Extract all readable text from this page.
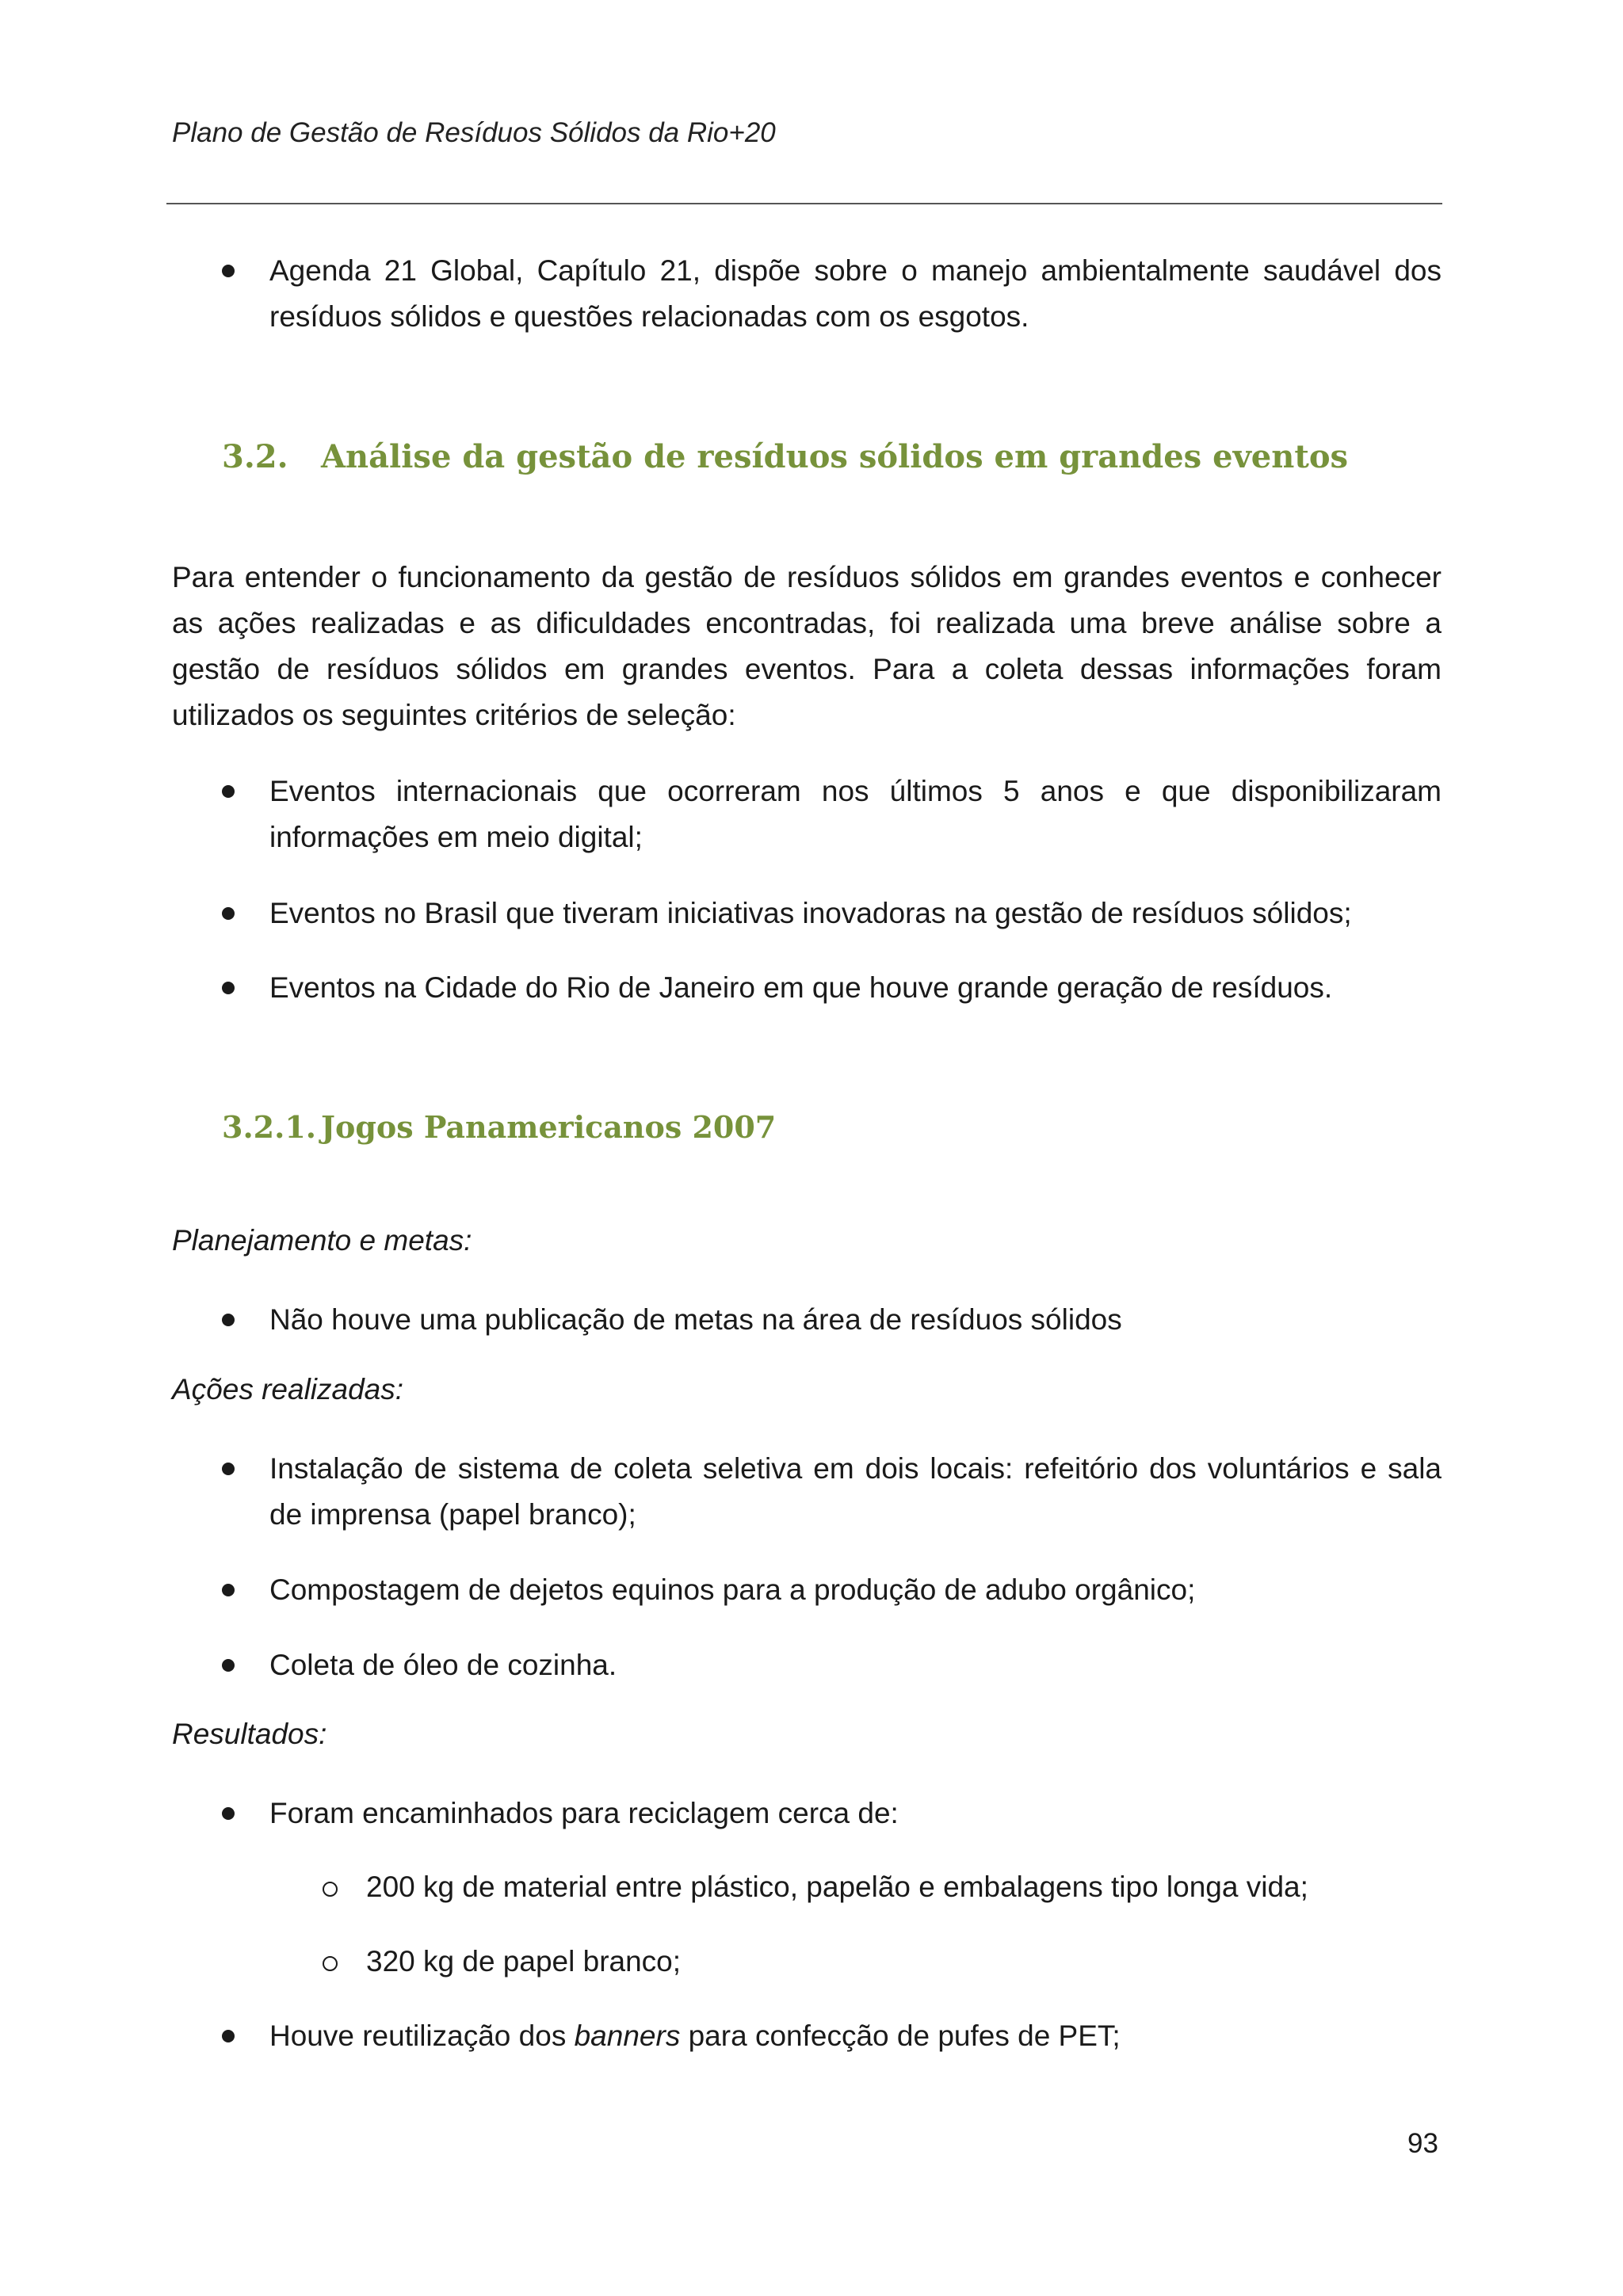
Plano de Gestão de Resíduos Sólidos da Rio+20
Agenda 21 Global, Capítulo 21, dispõe sobre o manejo ambientalmente saudável dos resíduos sólidos e questões relacionadas com os esgotos.
3.2. Análise da gestão de resíduos sólidos em grandes eventos
Para entender o funcionamento da gestão de resíduos sólidos em grandes eventos e conhecer as ações realizadas e as dificuldades encontradas, foi realizada uma breve análise sobre a gestão de resíduos sólidos em grandes eventos. Para a coleta dessas informações foram utilizados os seguintes critérios de seleção:
Eventos internacionais que ocorreram nos últimos 5 anos e que disponibilizaram informações em meio digital;
Eventos no Brasil que tiveram iniciativas inovadoras na gestão de resíduos sólidos;
Eventos na Cidade do Rio de Janeiro em que houve grande geração de resíduos.
3.2.1. Jogos Panamericanos 2007
Planejamento e metas:
Não houve uma publicação de metas na área de resíduos sólidos
Ações realizadas:
Instalação de sistema de coleta seletiva em dois locais: refeitório dos voluntários e sala de imprensa (papel branco);
Compostagem de dejetos equinos para a produção de adubo orgânico;
Coleta de óleo de cozinha.
Resultados:
Foram encaminhados para reciclagem cerca de:
200 kg de material entre plástico, papelão e embalagens tipo longa vida;
320 kg de papel branco;
Houve reutilização dos banners para confecção de pufes de PET;
93
